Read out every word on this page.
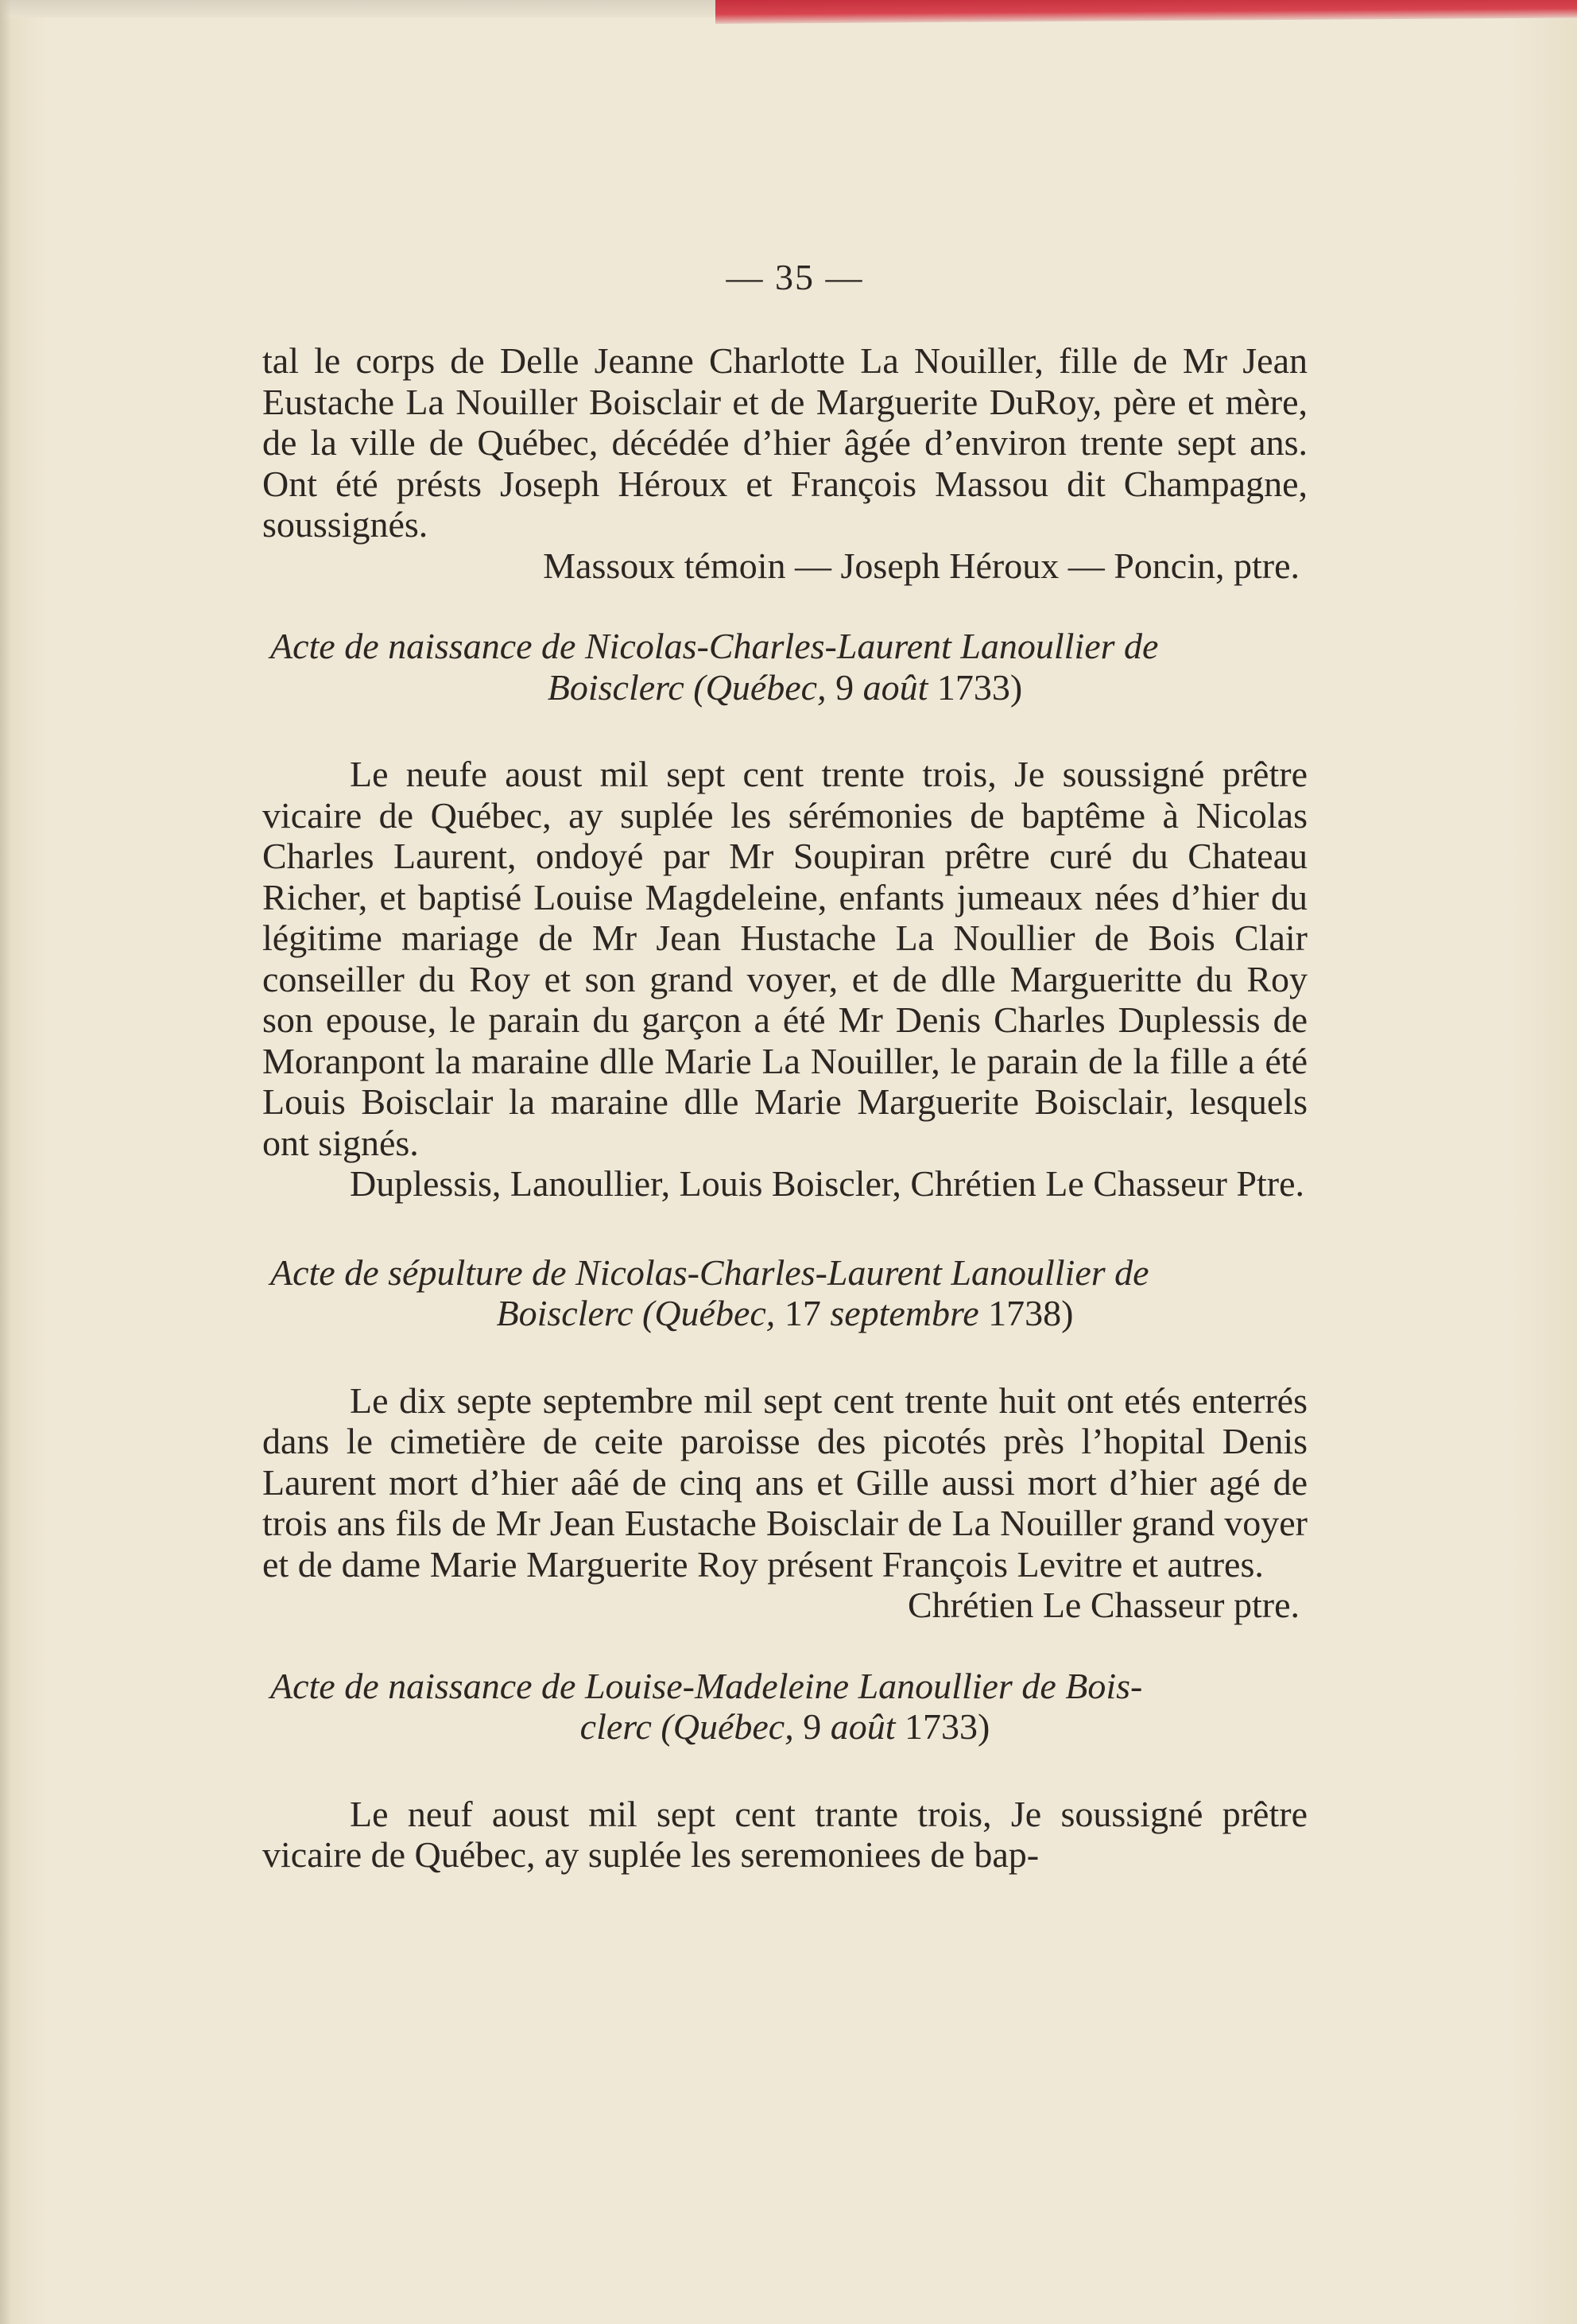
— 35 —

tal le corps de Delle Jeanne Charlotte La Nouiller, fille de Mr Jean Eustache La Nouiller Boisclair et de Marguerite DuRoy, père et mère, de la ville de Québec, décédée d’hier âgée d’environ trente sept ans. Ont été présts Joseph Héroux et François Massou dit Champagne, soussignés.

Massoux témoin — Joseph Héroux — Poncin, ptre.

Acte de naissance de Nicolas-Charles-Laurent Lanoullier de
Boisclerc (Québec, 9 août 1733)

Le neufe aoust mil sept cent trente trois, Je soussigné prêtre vicaire de Québec, ay suplée les sérémonies de baptême à Nicolas Charles Laurent, ondoyé par Mr Soupiran prêtre curé du Chateau Richer, et baptisé Louise Magdeleine, enfants jumeaux nées d’hier du légitime mariage de Mr Jean Hustache La Noullier de Bois Clair conseiller du Roy et son grand voyer, et de dlle Margueritte du Roy son epouse, le parain du garçon a été Mr Denis Charles Duplessis de Moranpont la maraine dlle Marie La Nouiller, le parain de la fille a été Louis Boisclair la maraine dlle Marie Marguerite Boisclair, lesquels ont signés.

Duplessis, Lanoullier, Louis Boiscler, Chrétien Le Chasseur Ptre.

Acte de sépulture de Nicolas-Charles-Laurent Lanoullier de
Boisclerc (Québec, 17 septembre 1738)

Le dix septe septembre mil sept cent trente huit ont etés enterrés dans le cimetière de ceite paroisse des picotés près l’hopital Denis Laurent mort d’hier aâé de cinq ans et Gille aussi mort d’hier agé de trois ans fils de Mr Jean Eustache Boisclair de La Nouiller grand voyer et de dame Marie Marguerite Roy présent François Levitre et autres.

Chrétien Le Chasseur ptre.

Acte de naissance de Louise-Madeleine Lanoullier de Bois-
clerc (Québec, 9 août 1733)

Le neuf aoust mil sept cent trante trois, Je soussigné prêtre vicaire de Québec, ay suplée les seremoniees de bap-
